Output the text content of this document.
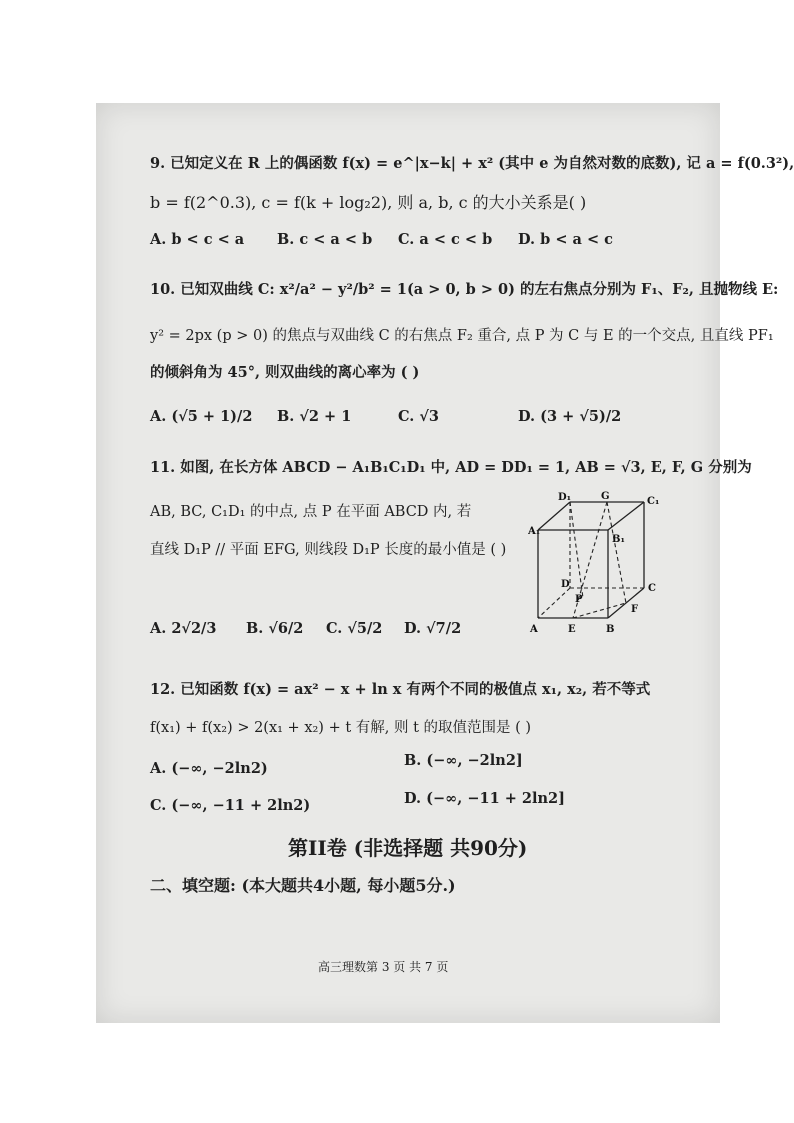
9. 已知定义在 R 上的偶函数 f(x) = e^|x−k| + x² (其中 e 为自然对数的底数), 记 a = f(0.3²),
b = f(2^0.3), c = f(k + log₂2), 则 a, b, c 的大小关系是( )
A. b < c < a B. c < a < b C. a < c < b D. b < a < c
10. 已知双曲线 C: x²/a² − y²/b² = 1(a > 0, b > 0) 的左右焦点分别为 F₁、F₂, 且抛物线 E:
y² = 2px (p > 0) 的焦点与双曲线 C 的右焦点 F₂ 重合, 点 P 为 C 与 E 的一个交点, 且直线 PF₁
的倾斜角为 45°, 则双曲线的离心率为 ( )
A. (√5 + 1)/2 B. √2 + 1	C. √3	D. (3 + √5)/2
11. 如图, 在长方体 ABCD − A₁B₁C₁D₁ 中, AD = DD₁ = 1, AB = √3, E, F, G 分别为
AB, BC, C₁D₁ 的中点, 点 P 在平面 ABCD 内, 若
直线 D₁P // 平面 EFG, 则线段 D₁P 长度的最小值是 ( )
D₁	G	C₁
A₁
B₁
D	C
P
F
A	E	B
A. 2√2/3 B. √6/2 C. √5/2 D. √7/2
12. 已知函数 f(x) = ax² − x + ln x 有两个不同的极值点 x₁, x₂, 若不等式
f(x₁) + f(x₂) > 2(x₁ + x₂) + t 有解, 则 t 的取值范围是 ( )
A. (−∞, −2ln2)	B. (−∞, −2ln2]
C. (−∞, −11 + 2ln2)	D. (−∞, −11 + 2ln2]
第II卷 (非选择题 共90分)
二、填空题: (本大题共4小题, 每小题5分.)
高三理数第 3 页 共 7 页
